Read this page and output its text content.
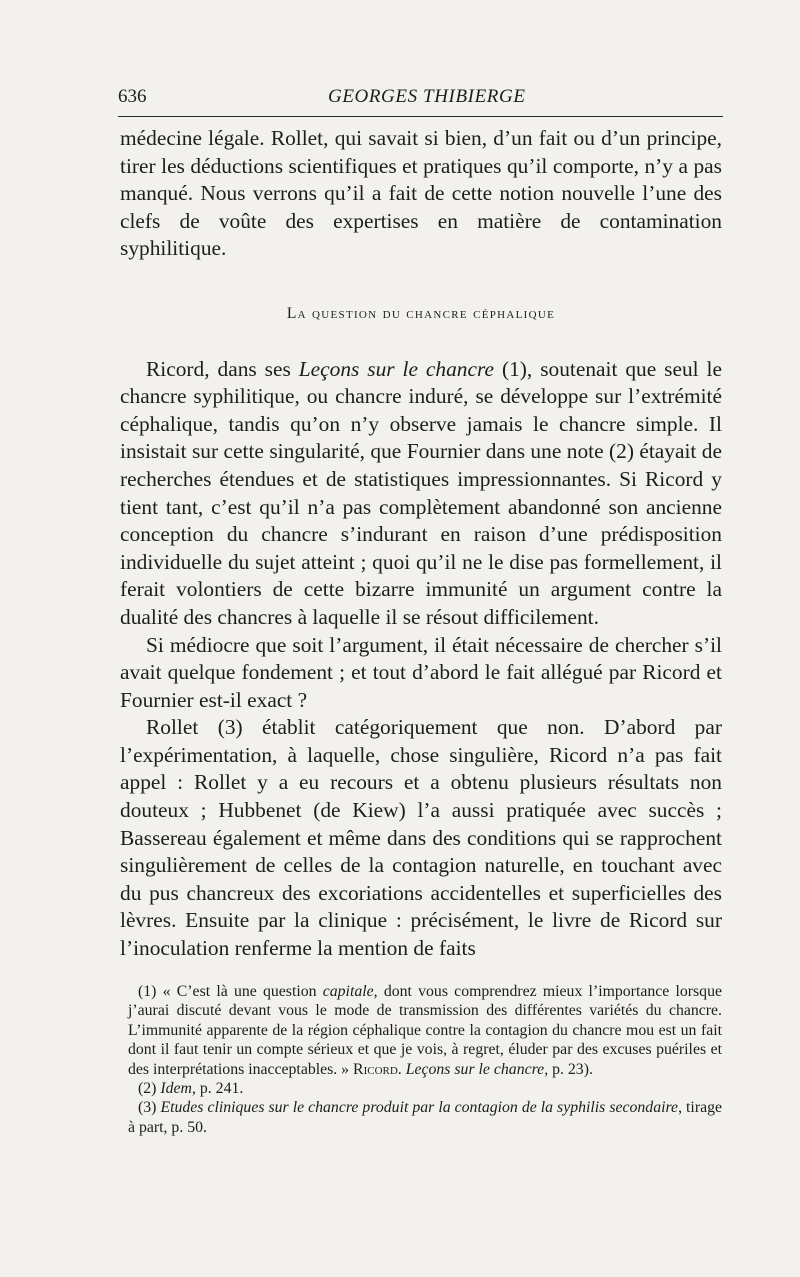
636	GEORGES THIBIERGE

médecine légale. Rollet, qui savait si bien, d’un fait ou d’un principe, tirer les déductions scientifiques et pratiques qu’il comporte, n’y a pas manqué. Nous verrons qu’il a fait de cette notion nouvelle l’une des clefs de voûte des expertises en matière de contamination syphilitique.

La question du chancre céphalique

Ricord, dans ses Leçons sur le chancre (1), soutenait que seul le chancre syphilitique, ou chancre induré, se développe sur l’extrémité céphalique, tandis qu’on n’y observe jamais le chancre simple. Il insistait sur cette singularité, que Fournier dans une note (2) étayait de recherches étendues et de statistiques impressionnantes. Si Ricord y tient tant, c’est qu’il n’a pas complètement abandonné son ancienne conception du chancre s’indurant en raison d’une prédisposition individuelle du sujet atteint ; quoi qu’il ne le dise pas formellement, il ferait volontiers de cette bizarre immunité un argument contre la dualité des chancres à laquelle il se résout difficilement.

Si médiocre que soit l’argument, il était nécessaire de chercher s’il avait quelque fondement ; et tout d’abord le fait allégué par Ricord et Fournier est-il exact ?

Rollet (3) établit catégoriquement que non. D’abord par l’expérimentation, à laquelle, chose singulière, Ricord n’a pas fait appel : Rollet y a eu recours et a obtenu plusieurs résultats non douteux ; Hubbenet (de Kiew) l’a aussi pratiquée avec succès ; Bassereau également et même dans des conditions qui se rapprochent singulièrement de celles de la contagion naturelle, en touchant avec du pus chancreux des excoriations accidentelles et superficielles des lèvres. Ensuite par la clinique : précisément, le livre de Ricord sur l’inoculation renferme la mention de faits

(1) « C’est là une question capitale, dont vous comprendrez mieux l’importance lorsque j’aurai discuté devant vous le mode de transmission des différentes variétés du chancre. L’immunité apparente de la région céphalique contre la contagion du chancre mou est un fait dont il faut tenir un compte sérieux et que je vois, à regret, éluder par des excuses puériles et des interprétations inacceptables. » Ricord. Leçons sur le chancre, p. 23).

(2) Idem, p. 241.

(3) Etudes cliniques sur le chancre produit par la contagion de la syphilis secondaire, tirage à part, p. 50.
